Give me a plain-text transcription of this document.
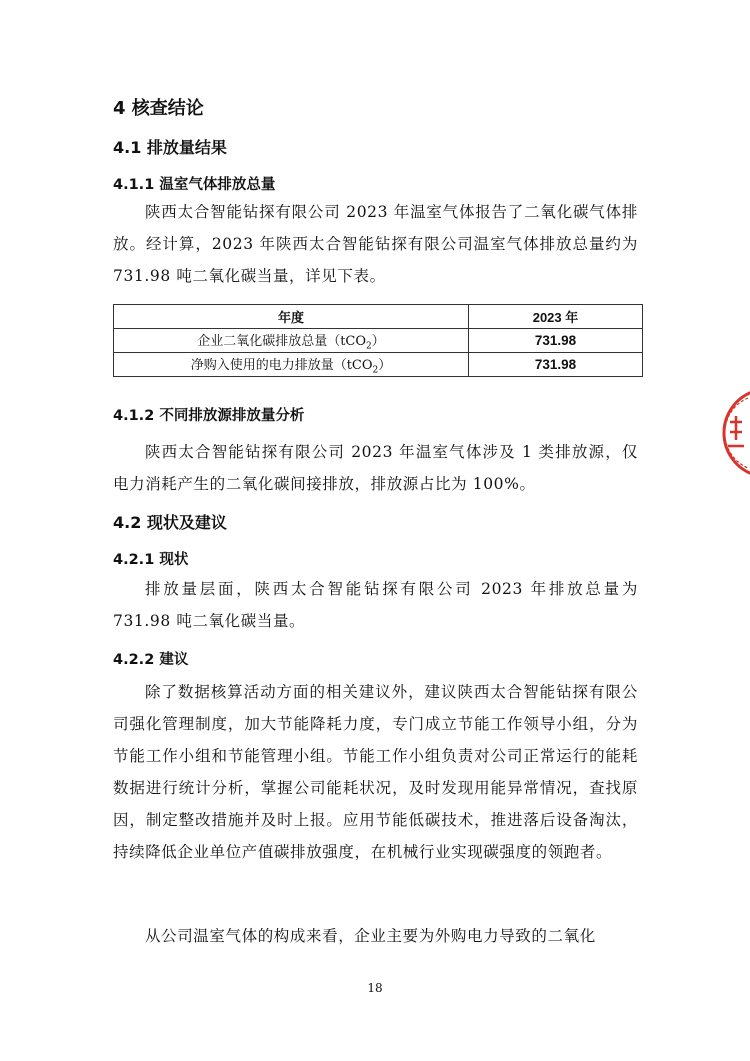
4 核查结论
4.1 排放量结果
4.1.1 温室气体排放总量

陕西太合智能钻探有限公司 2023 年温室气体报告了二氧化碳气体排放。经计算，2023 年陕西太合智能钻探有限公司温室气体排放总量约为 731.98 吨二氧化碳当量，详见下表。

年度	2023 年
企业二氧化碳排放总量（tCO$_2$）	731.98
净购入使用的电力排放量（tCO$_2$）	731.98
4.1.2 不同排放源排放量分析

陕西太合智能钻探有限公司 2023 年温室气体涉及 1 类排放源，仅电力消耗产生的二氧化碳间接排放，排放源占比为 100%。

4.2 现状及建议
4.2.1 现状

排放量层面，陕西太合智能钻探有限公司 2023 年排放总量为 731.98 吨二氧化碳当量。

4.2.2 建议

除了数据核算活动方面的相关建议外，建议陕西太合智能钻探有限公司强化管理制度，加大节能降耗力度，专门成立节能工作领导小组，分为节能工作小组和节能管理小组。节能工作小组负责对公司正常运行的能耗数据进行统计分析，掌握公司能耗状况，及时发现用能异常情况，查找原因，制定整改措施并及时上报。应用节能低碳技术，推进落后设备淘汰，持续降低企业单位产值碳排放强度，在机械行业实现碳强度的领跑者。

从公司温室气体的构成来看，企业主要为外购电力导致的二氧化

18
